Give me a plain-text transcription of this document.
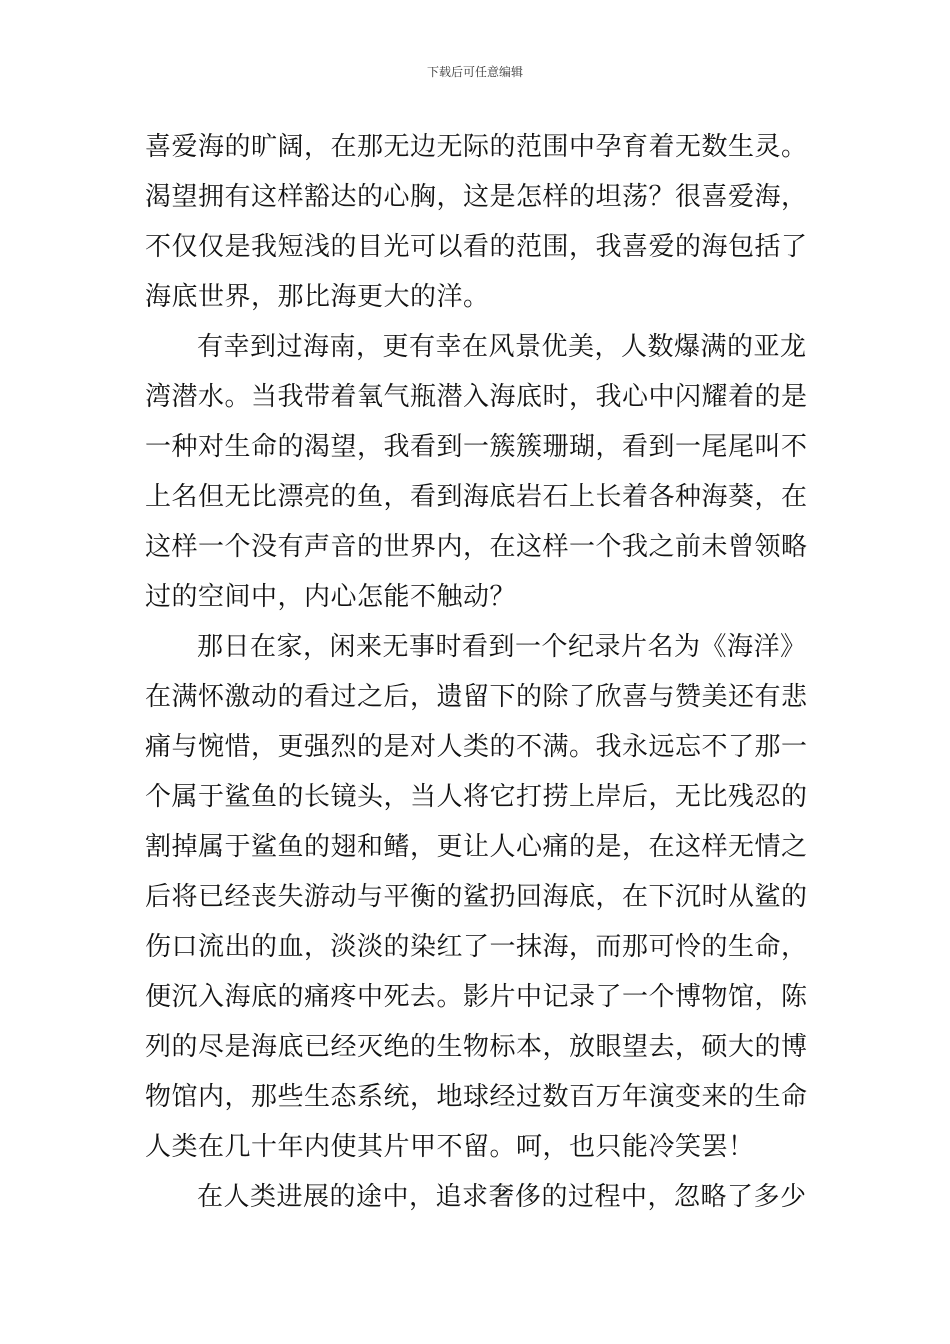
下载后可任意编辑
喜爱海的旷阔，在那无边无际的范围中孕育着无数生灵。
渴望拥有这样豁达的心胸，这是怎样的坦荡？很喜爱海，
不仅仅是我短浅的目光可以看的范围，我喜爱的海包括了
海底世界，那比海更大的洋。
有幸到过海南，更有幸在风景优美，人数爆满的亚龙
湾潜水。当我带着氧气瓶潜入海底时，我心中闪耀着的是
一种对生命的渴望，我看到一簇簇珊瑚，看到一尾尾叫不
上名但无比漂亮的鱼，看到海底岩石上长着各种海葵，在
这样一个没有声音的世界内，在这样一个我之前未曾领略
过的空间中，内心怎能不触动？
那日在家，闲来无事时看到一个纪录片名为《海洋》
在满怀激动的看过之后，遗留下的除了欣喜与赞美还有悲
痛与惋惜，更强烈的是对人类的不满。我永远忘不了那一
个属于鲨鱼的长镜头，当人将它打捞上岸后，无比残忍的
割掉属于鲨鱼的翅和鳍，更让人心痛的是，在这样无情之
后将已经丧失游动与平衡的鲨扔回海底，在下沉时从鲨的
伤口流出的血，淡淡的染红了一抹海，而那可怜的生命，
便沉入海底的痛疼中死去。影片中记录了一个博物馆，陈
列的尽是海底已经灭绝的生物标本，放眼望去，硕大的博
物馆内，那些生态系统，地球经过数百万年演变来的生命
人类在几十年内使其片甲不留。呵，也只能冷笑罢！
在人类进展的途中，追求奢侈的过程中，忽略了多少
